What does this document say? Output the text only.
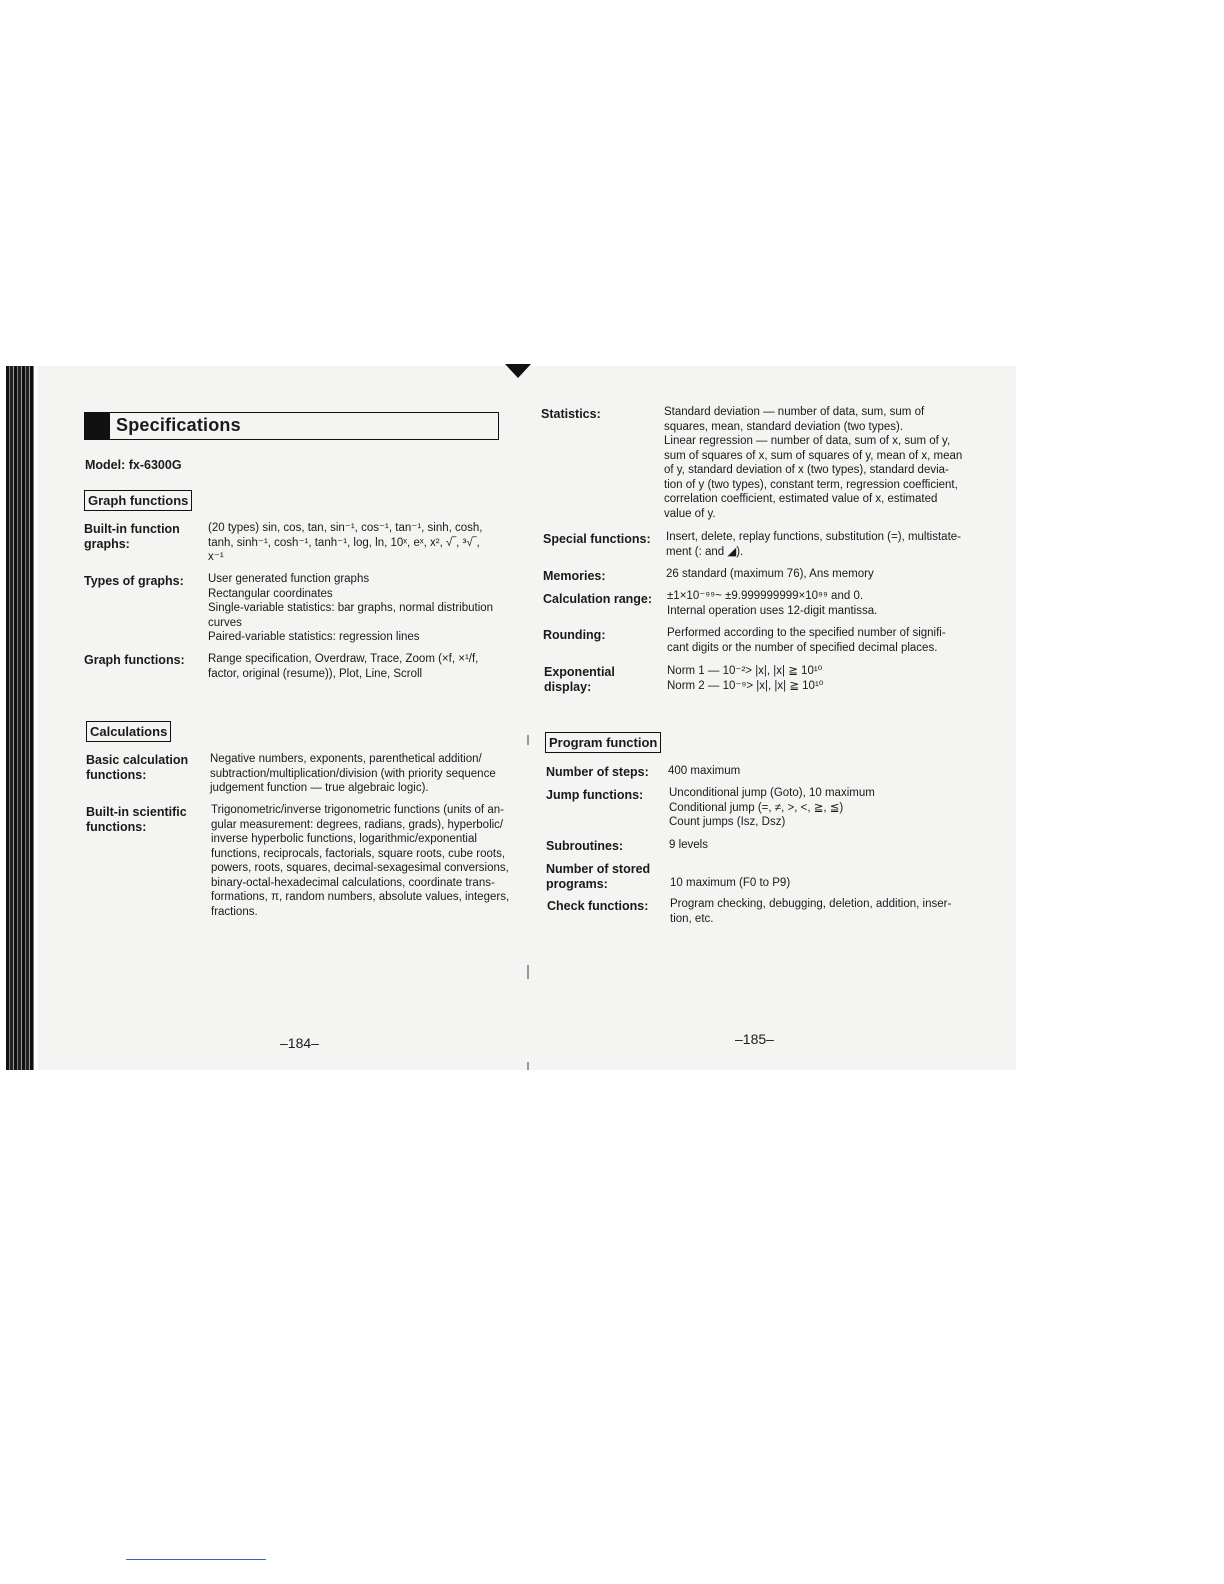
Specifications
Model: fx-6300G
Graph functions
Built-in function
graphs:
(20 types) sin, cos, tan, sin⁻¹, cos⁻¹, tan⁻¹, sinh, cosh,
tanh, sinh⁻¹, cosh⁻¹, tanh⁻¹, log, ln, 10ˣ, eˣ, x², √‾, ³√‾,
x⁻¹
Types of graphs: User generated function graphs
Rectangular coordinates
Single-variable statistics: bar graphs, normal distribution
curves
Paired-variable statistics: regression lines
Graph functions: Range specification, Overdraw, Trace, Zoom (×f, ×¹/f,
factor, original (resume)), Plot, Line, Scroll
Calculations
Basic calculation
functions:
Negative numbers, exponents, parenthetical addition/
subtraction/multiplication/division (with priority sequence
judgement function — true algebraic logic).
Built-in scientific
functions:
Trigonometric/inverse trigonometric functions (units of an-
gular measurement: degrees, radians, grads), hyperbolic/
inverse hyperbolic functions, logarithmic/exponential
functions, reciprocals, factorials, square roots, cube roots,
powers, roots, squares, decimal-sexagesimal conversions,
binary-octal-hexadecimal calculations, coordinate trans-
formations, π, random numbers, absolute values, integers,
fractions.
–184–
Statistics:	Standard deviation — number of data, sum, sum of
squares, mean, standard deviation (two types).
Linear regression — number of data, sum of x, sum of y,
sum of squares of x, sum of squares of y, mean of x, mean
of y, standard deviation of x (two types), standard devia-
tion of y (two types), constant term, regression coefficient,
correlation coefficient, estimated value of x, estimated
value of y.
Special functions: Insert, delete, replay functions, substitution (=), multistate-
ment (: and ◢).
Memories:	26 standard (maximum 76), Ans memory
Calculation range: ±1×10⁻⁹⁹~ ±9.999999999×10⁹⁹ and 0.
Internal operation uses 12-digit mantissa.
Rounding:	Performed according to the specified number of signifi-
cant digits or the number of specified decimal places.
Exponential
display:
Norm 1 — 10⁻²> |x|, |x| ≧ 10¹⁰
Norm 2 — 10⁻⁹> |x|, |x| ≧ 10¹⁰
Program function
Number of steps: 400 maximum
Jump functions: Unconditional jump (Goto), 10 maximum
Conditional jump (=, ≠, >, <, ≧, ≦)
Count jumps (Isz, Dsz)
Subroutines:	9 levels
Number of stored
programs:	10 maximum (F0 to P9)
Check functions: Program checking, debugging, deletion, addition, inser-
tion, etc.
–185–
